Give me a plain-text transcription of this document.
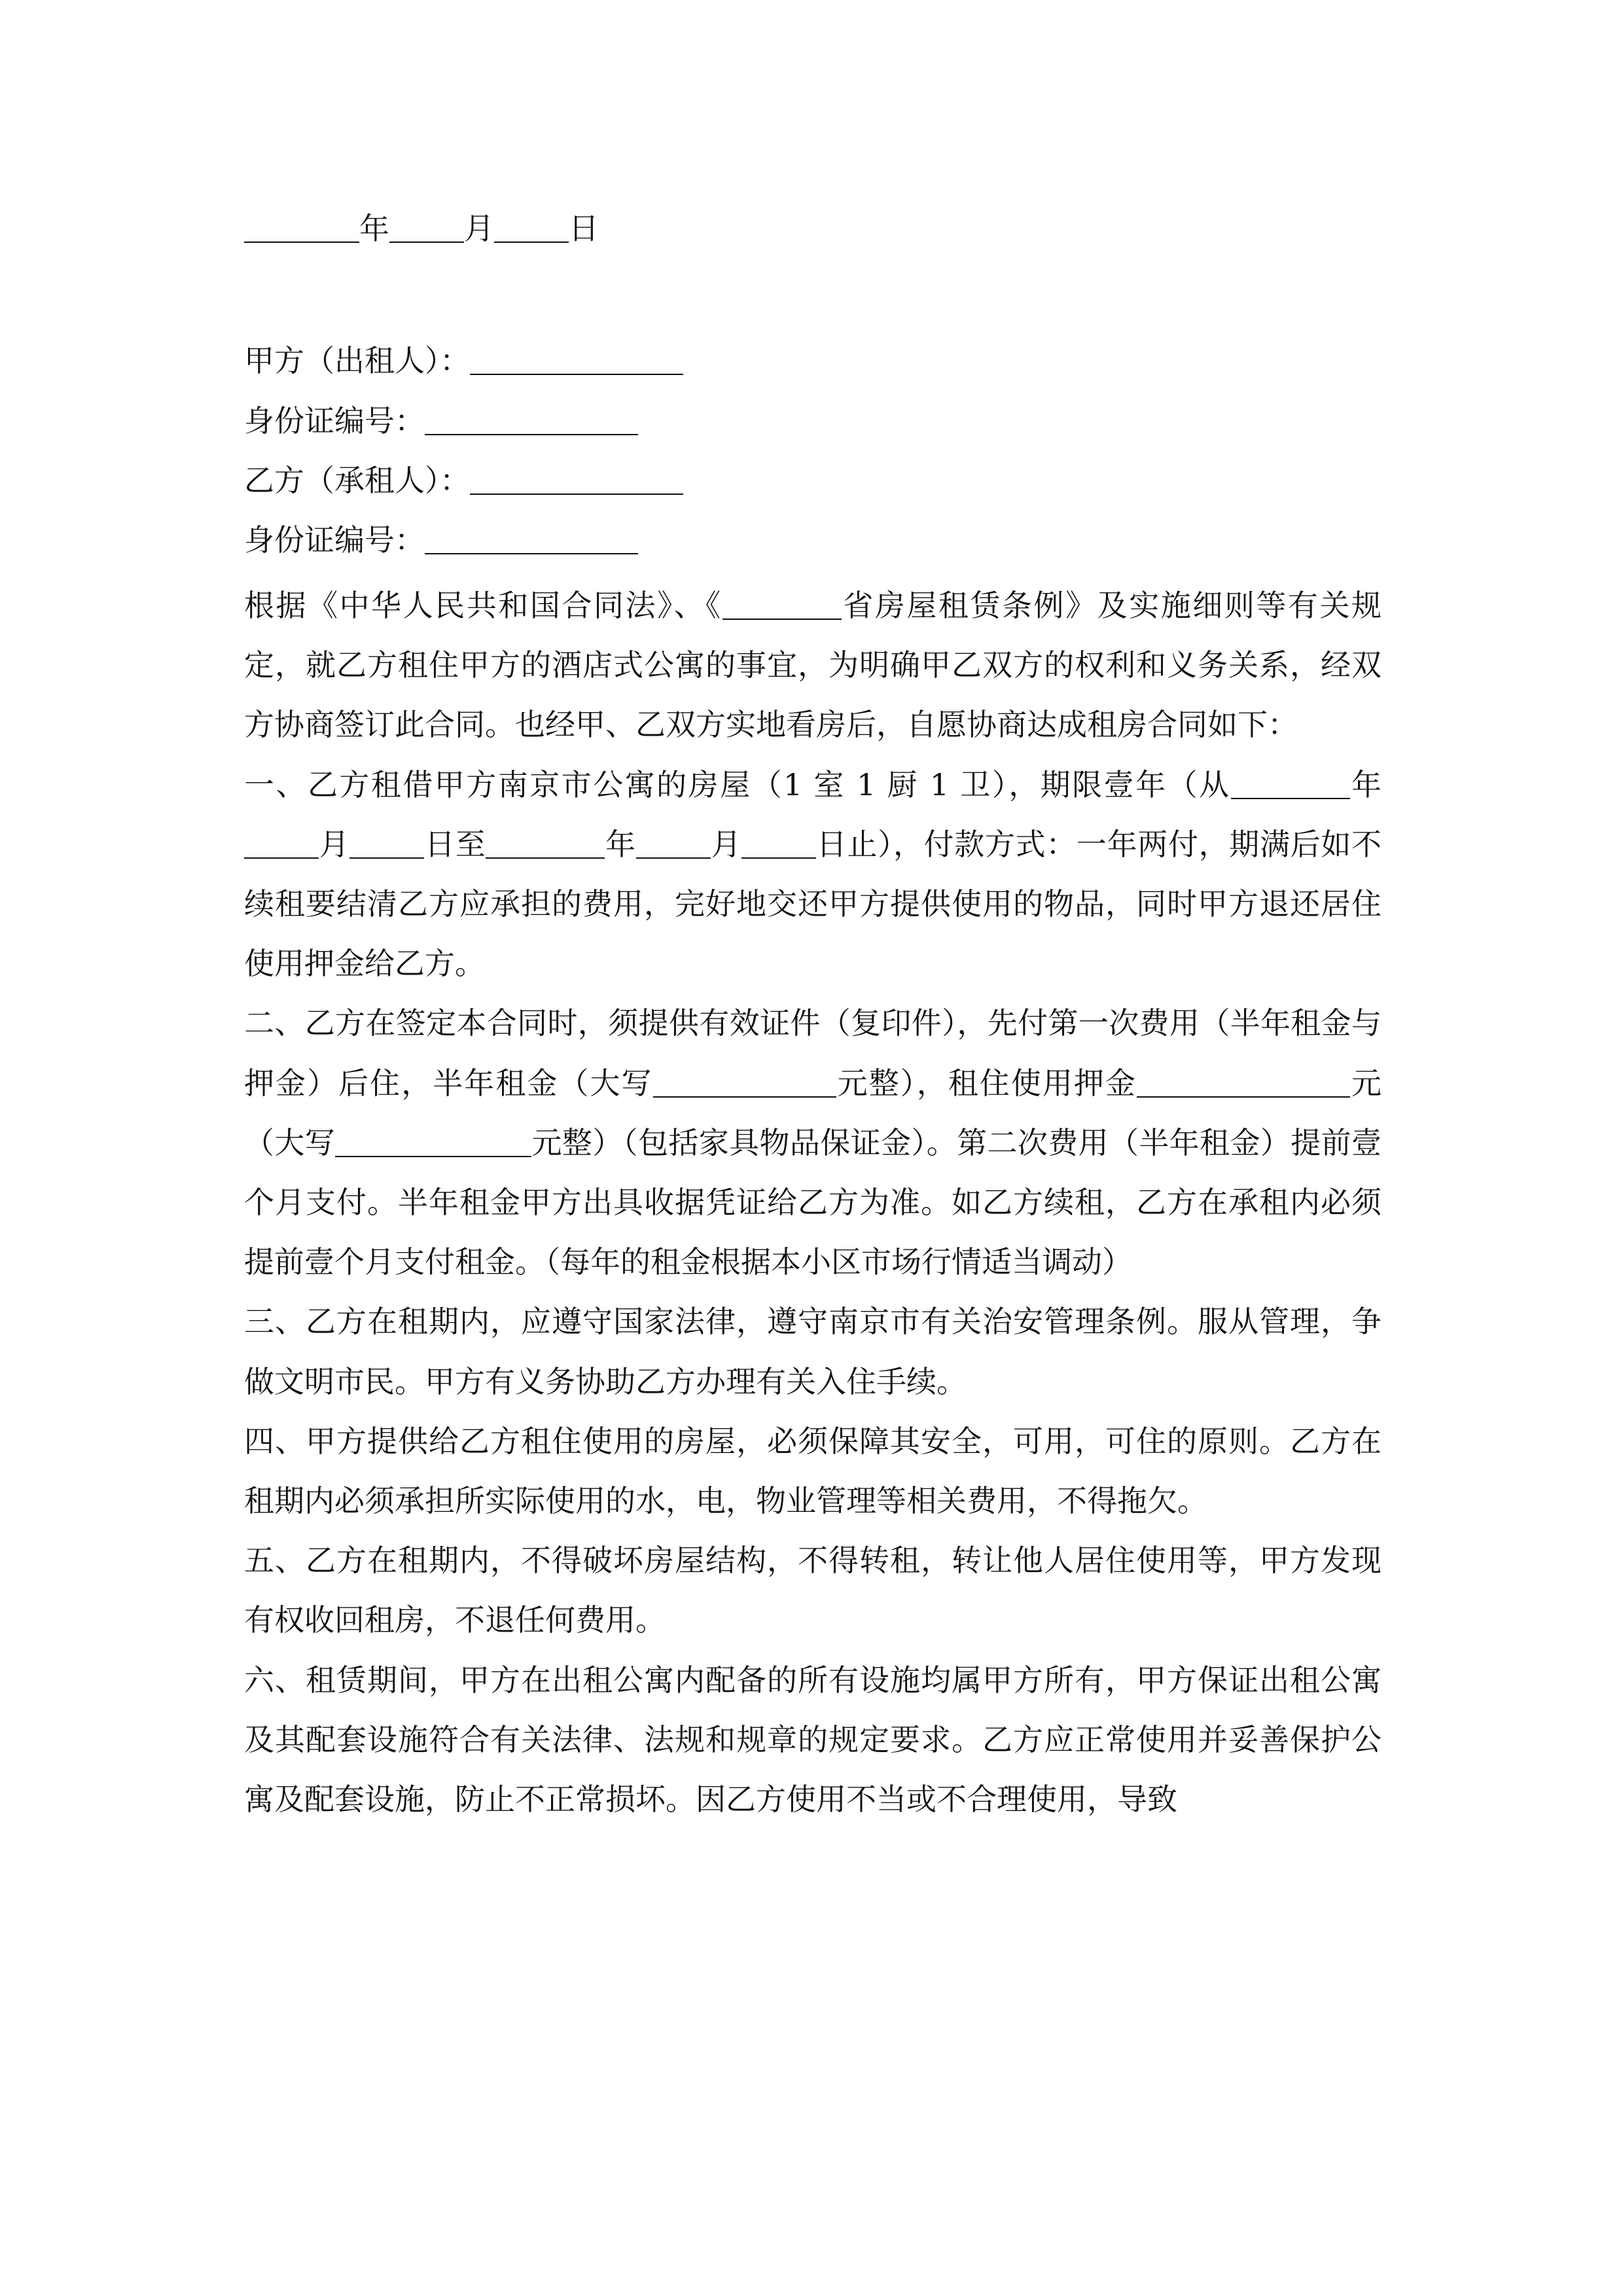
年 月 日
甲方（出租人）：
身份证编号：
乙方（承租人）：
身份证编号：

根据《中华人民共和国合同法》、《	省房屋租赁条例》及实施细则等有关规定，就乙方租住甲方的酒店式公寓的事宜，为明确甲乙双方的权利和义务关系，经双方协商签订此合同。也经甲、乙双方实地看房后，自愿协商达成租房合同如下：

一、乙方租借甲方南京市公寓的房屋（1 室 1 厨 1 卫），期限壹年（从	年月 日至	年 月 日止），付款方式：一年两付，期满后如不续租要结清乙方应承担的费用，完好地交还甲方提供使用的物品，同时甲方退还居住使用押金给乙方。

二、乙方在签定本合同时，须提供有效证件（复印件），先付第一次费用（半年租金与押金）后住，半年租金（大写	元整），租住使用押金	元（大写	元整）（包括家具物品保证金）。第二次费用（半年租金）提前壹个月支付。半年租金甲方出具收据凭证给乙方为准。如乙方续租，乙方在承租内必须提前壹个月支付租金。（每年的租金根据本小区市场行情适当调动）

三、乙方在租期内，应遵守国家法律，遵守南京市有关治安管理条例。服从管理，争做文明市民。甲方有义务协助乙方办理有关入住手续。

四、甲方提供给乙方租住使用的房屋，必须保障其安全，可用，可住的原则。乙方在租期内必须承担所实际使用的水，电，物业管理等相关费用，不得拖欠。

五、乙方在租期内，不得破坏房屋结构，不得转租，转让他人居住使用等，甲方发现有权收回租房，不退任何费用。

六、租赁期间，甲方在出租公寓内配备的所有设施均属甲方所有，甲方保证出租公寓及其配套设施符合有关法律、法规和规章的规定要求。乙方应正常使用并妥善保护公寓及配套设施，防止不正常损坏。因乙方使用不当或不合理使用，导致
